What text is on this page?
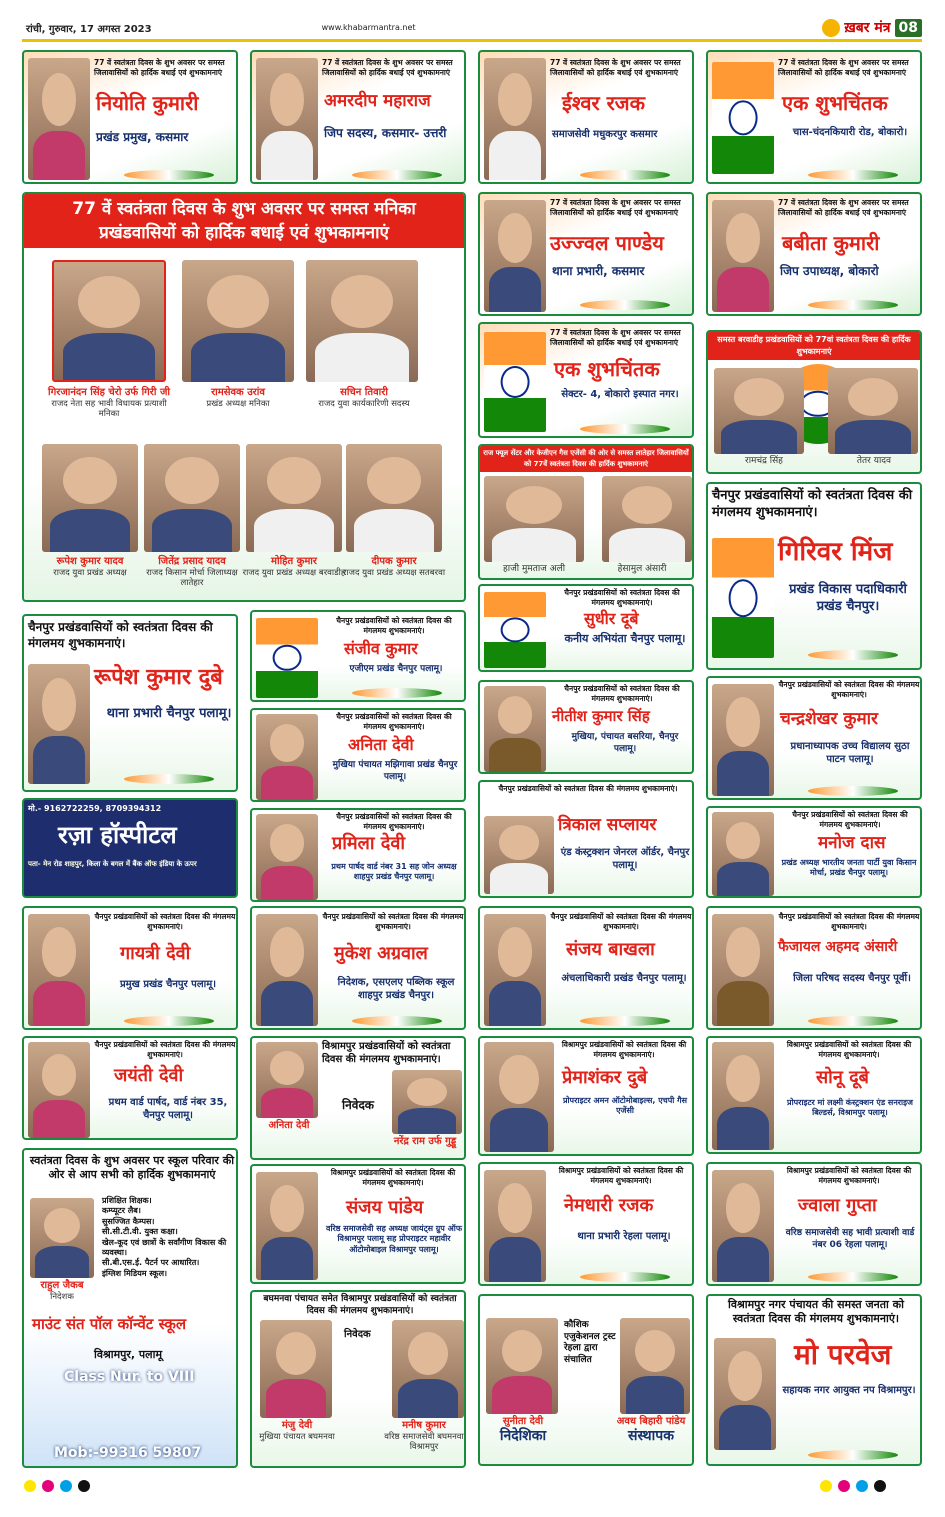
रांची, गुरुवार, 17 अगस्त 2023	www.khabarmantra.net	ख़बर मंत्र 08
77 वें स्वतंत्रता दिवस के शुभ अवसर पर समस्त जिलावासियों को हार्दिक बधाई एवं शुभकामनाएं
नियोति कुमारी
प्रखंड प्रमुख, कसमार
77 वें स्वतंत्रता दिवस के शुभ अवसर पर समस्त जिलावासियों को हार्दिक बधाई एवं शुभकामनाएं
अमरदीप महाराज
जिप सदस्य, कसमार- उत्तरी
77 वें स्वतंत्रता दिवस के शुभ अवसर पर समस्त जिलावासियों को हार्दिक बधाई एवं शुभकामनाएं
ईश्वर रजक
समाजसेवी मधुकरपुर कसमार
77 वें स्वतंत्रता दिवस के शुभ अवसर पर समस्त जिलावासियों को हार्दिक बधाई एवं शुभकामनाएं
एक शुभचिंतक
चास-चंदनकियारी रोड, बोकारो।
77 वें स्वतंत्रता दिवस के शुभ अवसर पर समस्त मनिका प्रखंडवासियों को हार्दिक बधाई एवं शुभकामनाएं
गिरजानंदन सिंह चेरो उर्फ गिरी जी
राजद नेता सह भावी विधायक प्रत्याशी मनिका
रामसेवक उरांव
प्रखंड अध्यक्ष मनिका
सचिन तिवारी
राजद युवा कार्यकारिणी सदस्य
रूपेश कुमार यादव
राजद युवा प्रखंड अध्यक्ष
जितेंद्र प्रसाद यादव
राजद किसान मोर्चा जिलाध्यक्ष लातेहार
मोहित कुमार
राजद युवा प्रखंड अध्यक्ष बरवाडीह
दीपक कुमार
राजद युवा प्रखंड अध्यक्ष सतबरवा
77 वें स्वतंत्रता दिवस के शुभ अवसर पर समस्त जिलावासियों को हार्दिक बधाई एवं शुभकामनाएं
उज्ज्वल पाण्डेय
थाना प्रभारी, कसमार
77 वें स्वतंत्रता दिवस के शुभ अवसर पर समस्त जिलावासियों को हार्दिक बधाई एवं शुभकामनाएं
बबीता कुमारी
जिप उपाध्यक्ष, बोकारो
77 वें स्वतंत्रता दिवस के शुभ अवसर पर समस्त जिलावासियों को हार्दिक बधाई एवं शुभकामनाएं
एक शुभचिंतक
सेक्टर- 4, बोकारो इस्पात नगर।
समस्त बरवाडीह प्रखंडवासियों को 77वां स्वतंत्रता दिवस की हार्दिक शुभकामनाएं
रामचंद्र सिंह	तेतर यादव
राज फ्यूल सेंटर और केजीएन गैस एजेंसी की ओर से समस्त लातेहार जिलावासियों को 77वें स्वतंत्रता दिवस की हार्दिक शुभकामनाएं
हाजी मुमताज अली	हेसामुल अंसारी
चैनपुर प्रखंडवासियों को स्वतंत्रता दिवस की मंगलमय शुभकामनाएं।
गिरिवर मिंज
प्रखंड विकास पदाधिकारी प्रखंड चैनपुर।
चैनपुर प्रखंडवासियों को स्वतंत्रता दिवस की मंगलमय शुभकामनाएं।
रूपेश कुमार दुबे
थाना प्रभारी चैनपुर पलामू।
चैनपुर प्रखंडवासियों को स्वतंत्रता दिवस की मंगलमय शुभकामनाएं।
संजीव कुमार
एजीएम प्रखंड चैनपुर पलामू।
चैनपुर प्रखंडवासियों को स्वतंत्रता दिवस की मंगलमय शुभकामनाएं।
सुधीर दूबे
कनीय अभियंता चैनपुर पलामू।
चैनपुर प्रखंडवासियों को स्वतंत्रता दिवस की मंगलमय शुभकामनाएं।
चन्द्रशेखर कुमार
प्रधानाध्यापक उच्च विद्यालय सुठा पाटन पलामू।
चैनपुर प्रखंडवासियों को स्वतंत्रता दिवस की मंगलमय शुभकामनाएं।
अनिता देवी
मुखिया पंचायत मझिगावा प्रखंड चैनपुर पलामू।
चैनपुर प्रखंडवासियों को स्वतंत्रता दिवस की मंगलमय शुभकामनाएं।
नीतीश कुमार सिंह
मुखिया, पंचायत बसरिया, चैनपुर पलामू।
मो.- 9162722259, 8709394312
रज़ा हॉस्पीटल
पता- मेन रोड शाहपुर, किला के बगल में बैंक ऑफ इंडिया के ऊपर
चैनपुर प्रखंडवासियों को स्वतंत्रता दिवस की मंगलमय शुभकामनाएं।
प्रमिला देवी
प्रथम पार्षद वार्ड नंबर 31 सह जोन अध्यक्ष शाहपुर प्रखंड चैनपुर पलामू।
चैनपुर प्रखंडवासियों को स्वतंत्रता दिवस की मंगलमय शुभकामनाएं।
त्रिकाल सप्लायर
एंड कंस्ट्रक्शन जेनरल ऑर्डर, चैनपुर पलामू।
चैनपुर प्रखंडवासियों को स्वतंत्रता दिवस की मंगलमय शुभकामनाएं।
मनोज दास
प्रखंड अध्यक्ष भारतीय जनता पार्टी युवा किसान मोर्चा, प्रखंड चैनपुर पलामू।
चैनपुर प्रखंडवासियों को स्वतंत्रता दिवस की मंगलमय शुभकामनाएं।
गायत्री देवी
प्रमुख प्रखंड चैनपुर पलामू।
चैनपुर प्रखंडवासियों को स्वतंत्रता दिवस की मंगलमय शुभकामनाएं।
मुकेश अग्रवाल
निदेशक, एसएलए पब्लिक स्कूल शाहपुर प्रखंड चैनपुर।
चैनपुर प्रखंडवासियों को स्वतंत्रता दिवस की मंगलमय शुभकामनाएं।
संजय बाखला
अंचलाधिकारी प्रखंड चैनपुर पलामू।
चैनपुर प्रखंडवासियों को स्वतंत्रता दिवस की मंगलमय शुभकामनाएं।
फैजायल अहमद अंसारी
जिला परिषद सदस्य चैनपुर पूर्वी।
चैनपुर प्रखंडवासियों को स्वतंत्रता दिवस की मंगलमय शुभकामनाएं।
जयंती देवी
प्रथम वार्ड पार्षद, वार्ड नंबर 35, चैनपुर पलामू।
विश्रामपुर प्रखंडवासियों को स्वतंत्रता दिवस की मंगलमय शुभकामनाएं।
अनिता देवी
निवेदक
नरेंद्र राम उर्फ गुड्डू
विश्रामपुर प्रखंडवासियों को स्वतंत्रता दिवस की मंगलमय शुभकामनाएं।
प्रेमाशंकर दुबे
प्रोपराइटर अमन ऑटोमोबाइल्स, एचपी गैस एजेंसी
विश्रामपुर प्रखंडवासियों को स्वतंत्रता दिवस की मंगलमय शुभकामनाएं।
सोनू दूबे
प्रोपराइटर मां लक्ष्मी कंस्ट्रक्शन एंड सनराइज बिल्डर्स, विश्रामपुर पलामू।
स्वतंत्रता दिवस के शुभ अवसर पर स्कूल परिवार की ओर से आप सभी को हार्दिक शुभकामनाएं
प्रशिक्षित शिक्षक।
कम्प्यूटर लैब।
सुसज्जित कैम्पस।
सी.सी.टी.वी. युक्त कक्षा।
खेल-कूद एवं छात्रों के सर्वांगीण विकास की व्यवस्था।
सी.बी.एस.ई. पैटर्न पर आधारित।
इंग्लिश मिडियम स्कूल।
राहुल जैकब
निदेशक
माउंट संत पॉल कॉन्वेंट स्कूल
विश्रामपुर, पलामू
Class Nur. to VIII
Mob:-99316 59807
विश्रामपुर प्रखंडवासियों को स्वतंत्रता दिवस की मंगलमय शुभकामनाएं।
संजय पांडेय
वरिष्ठ समाजसेवी सह अध्यक्ष जायंट्स ग्रुप ऑफ विश्रामपुर पलामू सह प्रोपराइटर महावीर ऑटोमोबाइल विश्रामपुर पलामू।
विश्रामपुर प्रखंडवासियों को स्वतंत्रता दिवस की मंगलमय शुभकामनाएं।
नेमधारी रजक
थाना प्रभारी रेहला पलामू।
विश्रामपुर प्रखंडवासियों को स्वतंत्रता दिवस की मंगलमय शुभकामनाएं।
ज्वाला गुप्ता
वरिष्ठ समाजसेवी सह भावी प्रत्याशी वार्ड नंबर 06 रेहला पलामू।
बघमनवा पंचायत समेत विश्रामपुर प्रखंडवासियों को स्वतंत्रता दिवस की मंगलमय शुभकामनाएं।
निवेदक
मंजु देवी
मुखिया पंचायत बघमनवा
मनीष कुमार
वरिष्ठ समाजसेवी बघमनवा विश्रामपुर
कौशिक एजुकेशनल ट्रस्ट रेहला द्वारा संचालित
सुनीता देवी
निदेशिका
अवध बिहारी पांडेय
संस्थापक
विश्रामपुर नगर पंचायत की समस्त जनता को स्वतंत्रता दिवस की मंगलमय शुभकामनाएं।
मो परवेज
सहायक नगर आयुक्त नप विश्रामपुर।
